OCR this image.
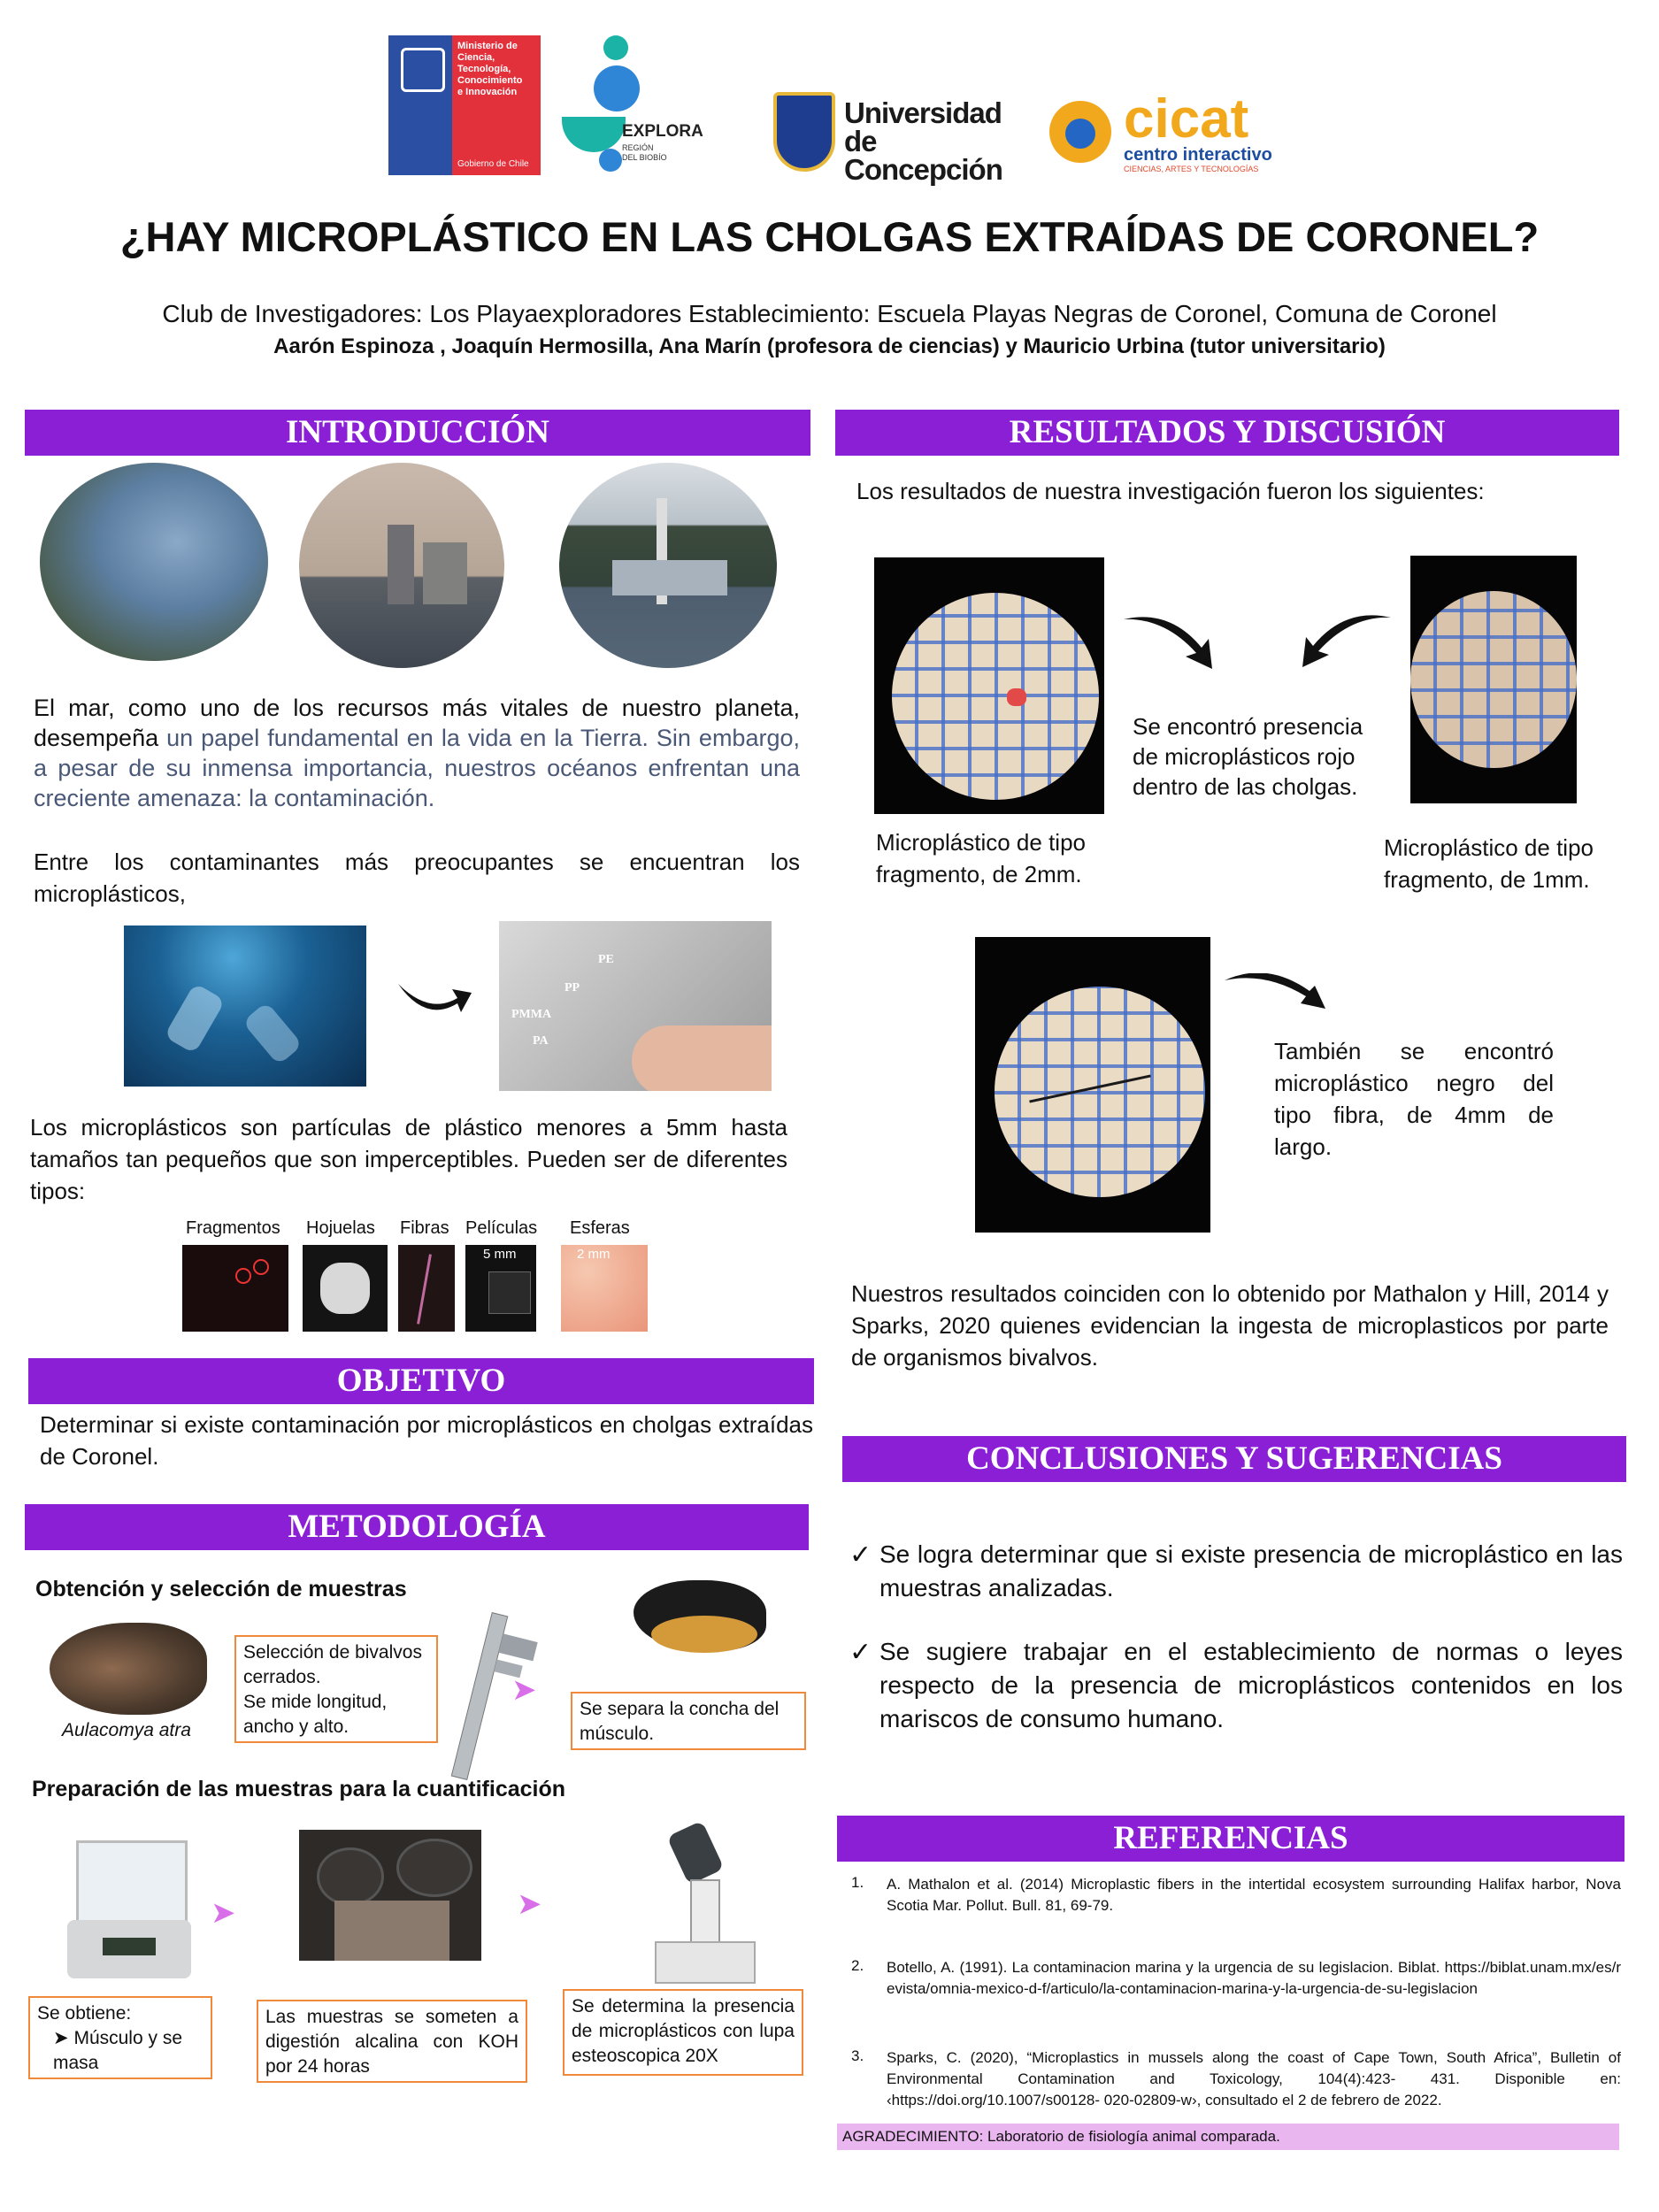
Ministerio de
Ciencia,
Tecnología,
Conocimiento
e Innovación
Gobierno de Chile
EXPLORA
REGIÓN
DEL BIOBÍO
Universidad
de Concepción
cicat
centro interactivo
CIENCIAS, ARTES Y TECNOLOGÍAS
¿HAY MICROPLÁSTICO EN LAS CHOLGAS EXTRAÍDAS DE CORONEL?
Club de Investigadores: Los Playaexploradores Establecimiento: Escuela Playas Negras de Coronel, Comuna de Coronel
Aarón Espinoza , Joaquín Hermosilla, Ana Marín (profesora de ciencias) y Mauricio Urbina (tutor universitario)
INTRODUCCIÓN
El mar, como uno de los recursos más vitales de nuestro planeta, desempeña un papel fundamental en la vida en la Tierra. Sin embargo, a pesar de su inmensa importancia, nuestros océanos enfrentan una creciente amenaza: la contaminación.
Entre los contaminantes más preocupantes se encuentran los microplásticos,
PE
PP
PMMA
PA
Los microplásticos son partículas de plástico menores a 5mm hasta tamaños tan pequeños que son imperceptibles. Pueden ser de diferentes tipos:
Fragmentos Hojuelas Fibras Películas Esferas
5 mm
5 mm
2 mm
OBJETIVO
Determinar si existe contaminación por microplásticos en cholgas extraídas de Coronel.
METODOLOGÍA
Obtención y selección de muestras
Aulacomya atra
Selección de bivalvos cerrados.
Se mide longitud, ancho y alto.
➤
Se separa la concha del músculo.
Preparación de las muestras para la cuantificación
➤	➤
Se obtiene:
➤ Músculo y se masa
Las muestras se someten a digestión alcalina con KOH por 24 horas
Se determina la presencia de microplásticos con lupa esteoscopica 20X
RESULTADOS Y DISCUSIÓN
Los resultados de nuestra investigación fueron los siguientes:
Se encontró presencia de microplásticos rojo dentro de las cholgas.
Microplástico de tipo fragmento, de 2mm.
Microplástico de tipo fragmento, de 1mm.
También se encontró microplástico negro del tipo fibra, de 4mm de largo.
Nuestros resultados coinciden con lo obtenido por Mathalon y Hill, 2014 y Sparks, 2020 quienes evidencian la ingesta de microplasticos por parte de organismos bivalvos.
CONCLUSIONES Y SUGERENCIAS
✓ Se logra determinar que si existe presencia de microplástico en las muestras analizadas.
✓ Se sugiere trabajar en el establecimiento de normas o leyes respecto de la presencia de microplásticos contenidos en los mariscos de consumo humano.
REFERENCIAS
1. A. Mathalon et al. (2014) Microplastic fibers in the intertidal ecosystem surrounding Halifax harbor, Nova Scotia Mar. Pollut. Bull. 81, 69-79.
2. Botello, A. (1991). La contaminacion marina y la urgencia de su legislacion. Biblat. https://biblat.unam.mx/es/revista/omnia-mexico-d-f/articulo/la-contaminacion-marina-y-la-urgencia-de-su-legislacion
3. Sparks, C. (2020), “Microplastics in mussels along the coast of Cape Town, South Africa”, Bulletin of Environmental Contamination and Toxicology, 104(4):423- 431. Disponible en: ‹https://doi.org/10.1007/s00128- 020-02809-w›, consultado el 2 de febrero de 2022.
AGRADECIMIENTO: Laboratorio de fisiología animal comparada.
